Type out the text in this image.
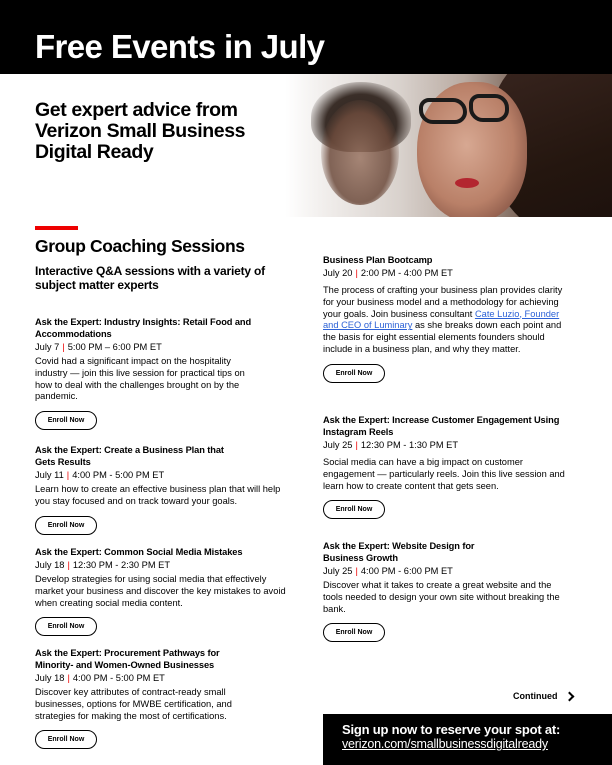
Free Events in July
Get expert advice from Verizon Small Business Digital Ready
Group Coaching Sessions
Interactive Q&A sessions with a variety of subject matter experts
Ask the Expert: Industry Insights: Retail Food and Accommodations
July 7 | 5:00 PM – 6:00 PM ET
Covid had a significant impact on the hospitality industry — join this live session for practical tips on how to deal with the challenges brought on by the pandemic.
Enroll Now
Ask the Expert: Create a Business Plan that Gets Results
July 11 | 4:00 PM - 5:00 PM ET
Learn how to create an effective business plan that will help you stay focused and on track toward your goals.
Enroll Now
Ask the Expert: Common Social Media Mistakes
July 18 | 12:30 PM - 2:30 PM ET
Develop strategies for using social media that effectively market your business and discover the key mistakes to avoid when creating social media content.
Enroll Now
Ask the Expert: Procurement Pathways for Minority- and Women-Owned Businesses
July 18 | 4:00 PM - 5:00 PM ET
Discover key attributes of contract-ready small businesses, options for MWBE certification, and strategies for making the most of certifications.
Enroll Now
Business Plan Bootcamp
July 20 | 2:00 PM - 4:00 PM ET
The process of crafting your business plan provides clarity for your business model and a methodology for achieving your goals. Join business consultant Cate Luzio, Founder and CEO of Luminary as she breaks down each point and the basis for eight essential elements founders should include in a business plan, and why they matter.
Enroll Now
Ask the Expert: Increase Customer Engagement Using Instagram Reels
July 25 | 12:30 PM - 1:30 PM ET
Social media can have a big impact on customer engagement — particularly reels. Join this live session and learn how to create content that gets seen.
Enroll Now
Ask the Expert: Website Design for Business Growth
July 25 | 4:00 PM - 6:00 PM ET
Discover what it takes to create a great website and the tools needed to design your own site without breaking the bank.
Enroll Now
Continued
Sign up now to reserve your spot at:
verizon.com/smallbusinessdigitalready
